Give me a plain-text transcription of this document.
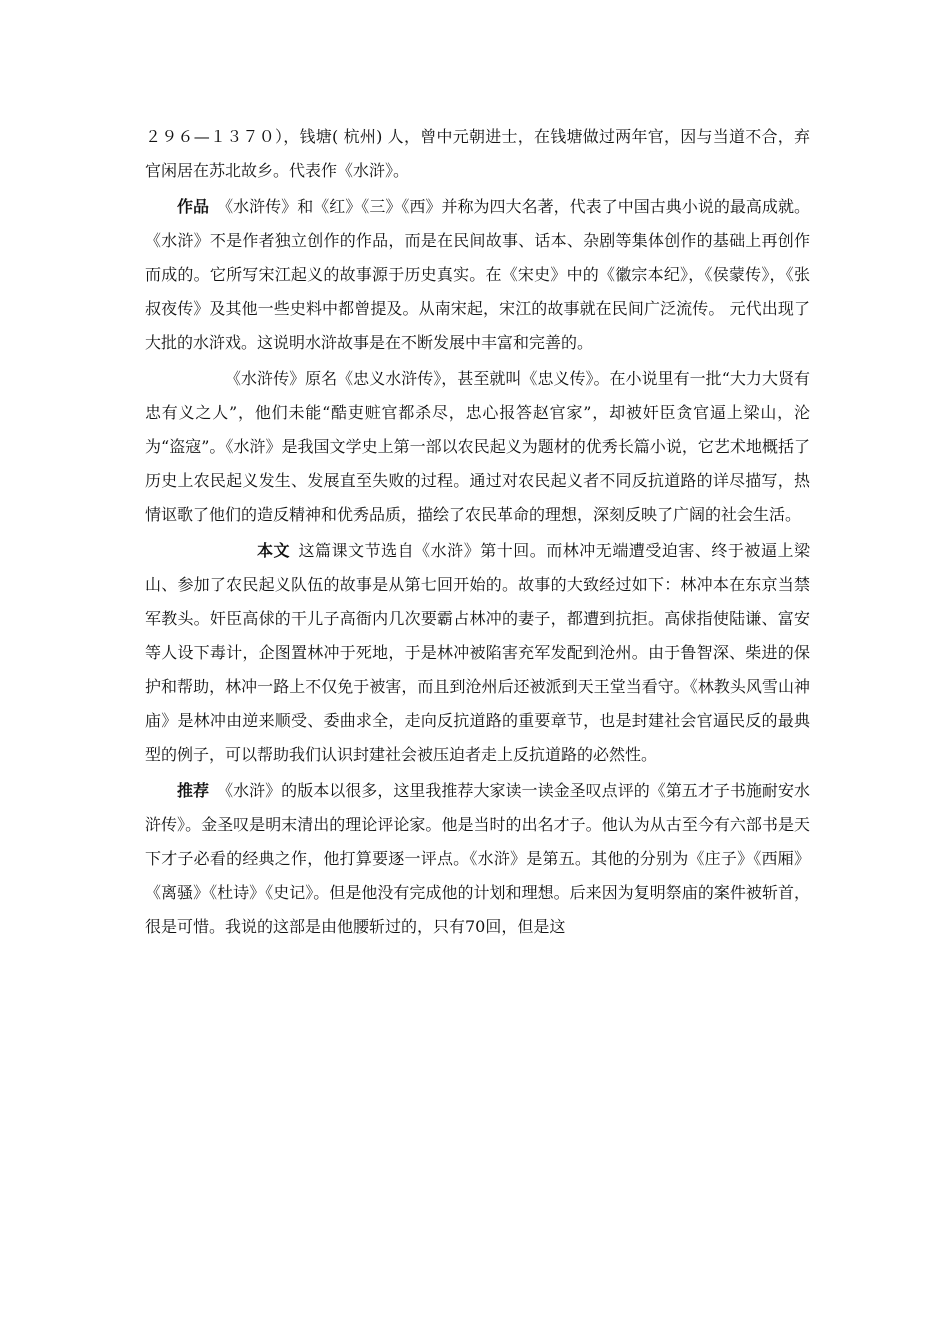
２９６—１３７０），钱塘( 杭州) 人，曾中元朝进士，在钱塘做过两年官，因与当道不合，弃官闲居在苏北故乡。代表作《水浒》。

作品　《水浒传》和《红》《三》《西》并称为四大名著，代表了中国古典小说的最高成就。《水浒》不是作者独立创作的作品，而是在民间故事、话本、杂剧等集体创作的基础上再创作而成的。它所写宋江起义的故事源于历史真实。在《宋史》中的《徽宗本纪》，《侯蒙传》，《张叔夜传》及其他一些史料中都曾提及。从南宋起，宋江的故事就在民间广泛流传。 元代出现了大批的水浒戏。这说明水浒故事是在不断发展中丰富和完善的。

《水浒传》原名《忠义水浒传》，甚至就叫《忠义传》。在小说里有一批“大力大贤有忠有义之人”，他们未能“酷吏赃官都杀尽，忠心报答赵官家”，却被奸臣贪官逼上梁山，沦为“盗寇”。《水浒》是我国文学史上第一部以农民起义为题材的优秀长篇小说，它艺术地概括了历史上农民起义发生、发展直至失败的过程。通过对农民起义者不同反抗道路的详尽描写，热情讴歌了他们的造反精神和优秀品质，描绘了农民革命的理想，深刻反映了广阔的社会生活。

本文  这篇课文节选自《水浒》第十回。而林冲无端遭受迫害、终于被逼上梁山、参加了农民起义队伍的故事是从第七回开始的。故事的大致经过如下：林冲本在东京当禁军教头。奸臣高俅的干儿子高衙内几次要霸占林冲的妻子，都遭到抗拒。高俅指使陆谦、富安等人设下毒计，企图置林冲于死地，于是林冲被陷害充军发配到沧州。由于鲁智深、柴进的保护和帮助，林冲一路上不仅免于被害，而且到沧州后还被派到天王堂当看守。《林教头风雪山神庙》是林冲由逆来顺受、委曲求全，走向反抗道路的重要章节，也是封建社会官逼民反的最典型的例子，可以帮助我们认识封建社会被压迫者走上反抗道路的必然性。

推荐　《水浒》的版本以很多，这里我推荐大家读一读金圣叹点评的《第五才子书施耐安水浒传》。金圣叹是明末清出的理论评论家。他是当时的出名才子。他认为从古至今有六部书是天下才子必看的经典之作，他打算要逐一评点。《水浒》是第五。其他的分别为《庄子》《西厢》《离骚》《杜诗》《史记》。但是他没有完成他的计划和理想。后来因为复明祭庙的案件被斩首，很是可惜。我说的这部是由他腰斩过的，只有70回，但是这
